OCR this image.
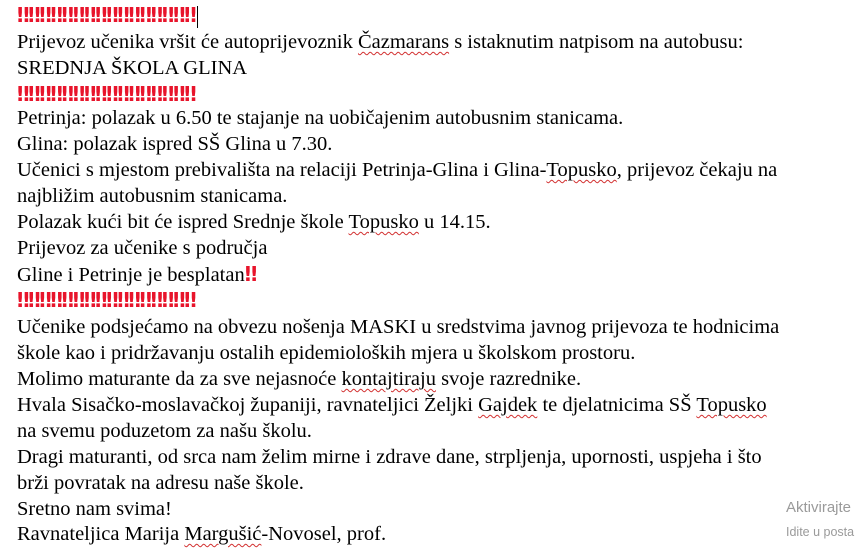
‼‼‼‼‼‼‼‼‼‼‼‼‼‼‼‼
‼‼‼‼‼‼‼‼‼‼‼‼‼‼‼‼
‼‼‼‼‼‼‼‼‼‼‼‼‼‼‼‼
Prijevoz učenika vršit će autoprijevoznik Čazmarans s istaknutim natpisom na autobusu:
SREDNJA ŠKOLA GLINA
Petrinja: polazak u 6.50 te stajanje na uobičajenim autobusnim stanicama.
Glina: polazak ispred SŠ Glina u 7.30.
Učenici s mjestom prebivališta na relaciji Petrinja-Glina i Glina-Topusko, prijevoz čekaju na
najbližim autobusnim stanicama.
Polazak kući bit će ispred Srednje škole Topusko u 14.15.
Prijevoz za učenike s područja
Gline i Petrinje je besplatan‼
Učenike podsjećamo na obvezu nošenja MASKI u sredstvima javnog prijevoza te hodnicima
škole kao i pridržavanju ostalih epidemioloških mjera u školskom prostoru.
Molimo maturante da za sve nejasnoće kontajtiraju svoje razrednike.
Hvala Sisačko-moslavačkoj županiji, ravnateljici Željki Gajdek te djelatnicima SŠ Topusko
na svemu poduzetom za našu školu.
Dragi maturanti, od srca nam želim mirne i zdrave dane, strpljenja, upornosti, uspjeha i što
brži povratak na adresu naše škole.
Sretno nam svima!
Ravnateljica Marija Margušić-Novosel, prof.
Aktivirajte
Idite u posta
